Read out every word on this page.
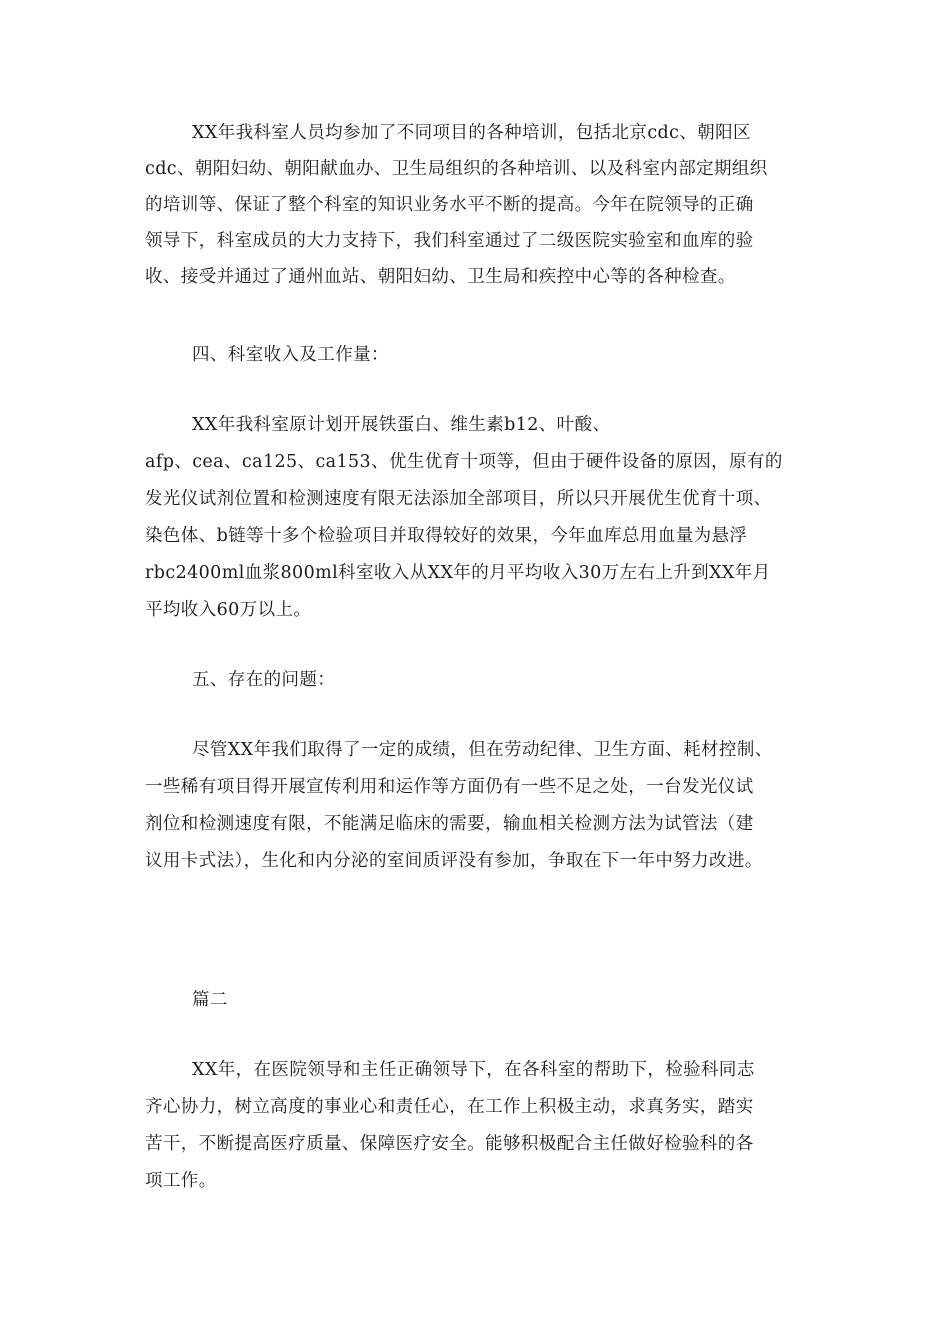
XX年我科室人员均参加了不同项目的各种培训，包括北京cdc、朝阳区
cdc、朝阳妇幼、朝阳献血办、卫生局组织的各种培训、以及科室内部定期组织
的培训等、保证了整个科室的知识业务水平不断的提高。今年在院领导的正确
领导下，科室成员的大力支持下，我们科室通过了二级医院实验室和血库的验
收、接受并通过了通州血站、朝阳妇幼、卫生局和疾控中心等的各种检查。
四、科室收入及工作量：
XX年我科室原计划开展铁蛋白、维生素b12、叶酸、
afp、cea、ca125、ca153、优生优育十项等，但由于硬件设备的原因，原有的
发光仪试剂位置和检测速度有限无法添加全部项目，所以只开展优生优育十项、
染色体、b链等十多个检验项目并取得较好的效果，今年血库总用血量为悬浮
rbc2400ml血浆800ml科室收入从XX年的月平均收入30万左右上升到XX年月
平均收入60万以上。
五、存在的问题：
尽管XX年我们取得了一定的成绩，但在劳动纪律、卫生方面、耗材控制、
一些稀有项目得开展宣传利用和运作等方面仍有一些不足之处，一台发光仪试
剂位和检测速度有限，不能满足临床的需要，输血相关检测方法为试管法（建
议用卡式法），生化和内分泌的室间质评没有参加，争取在下一年中努力改进。
篇二
XX年，在医院领导和主任正确领导下，在各科室的帮助下，检验科同志
齐心协力，树立高度的事业心和责任心，在工作上积极主动，求真务实，踏实
苦干，不断提高医疗质量、保障医疗安全。能够积极配合主任做好检验科的各
项工作。
